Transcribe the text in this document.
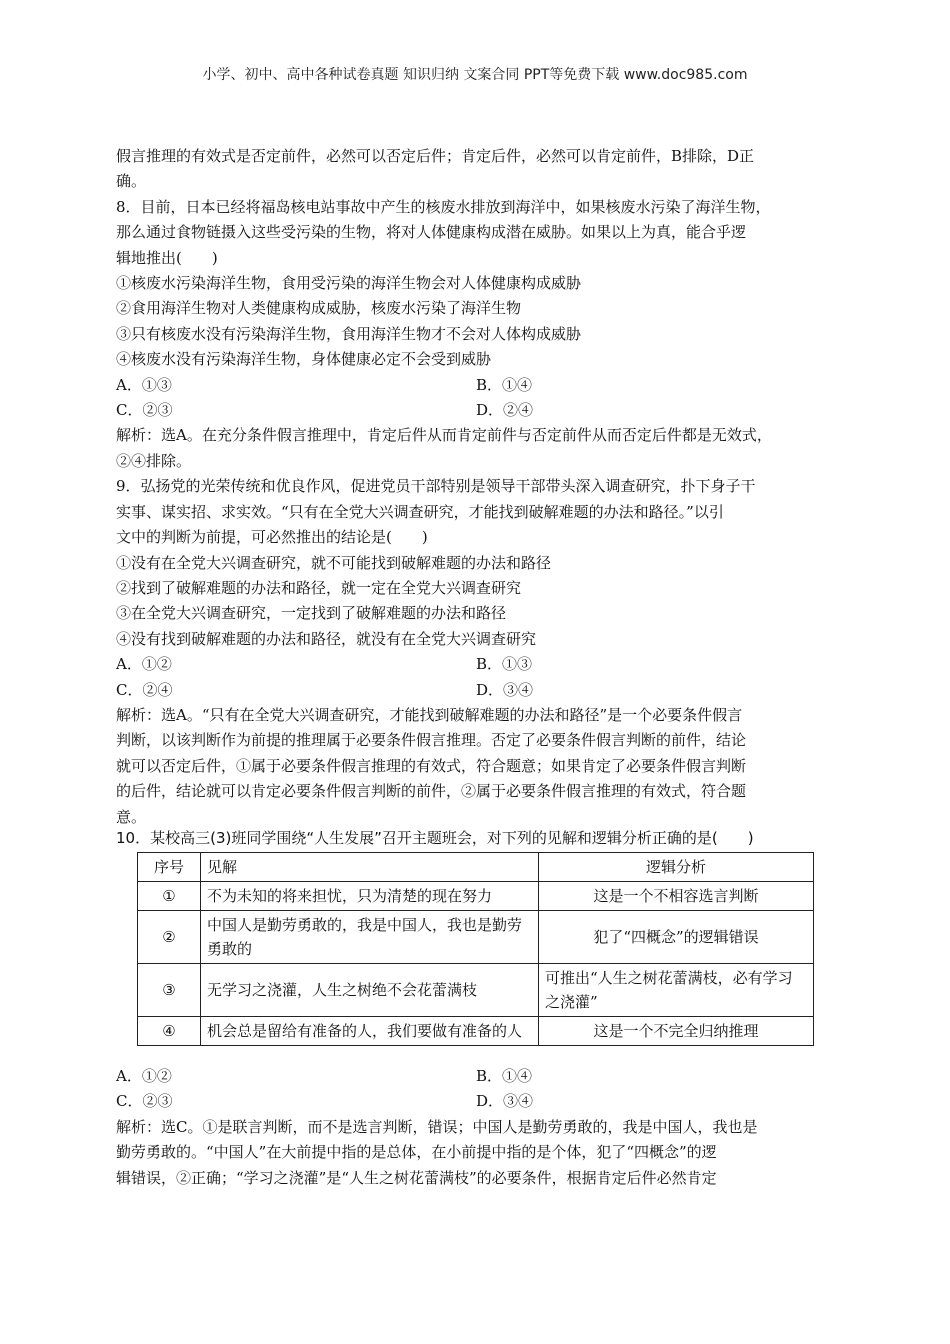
小学、初中、高中各种试卷真题 知识归纳 文案合同 PPT等免费下载 www.doc985.com

假言推理的有效式是否定前件，必然可以否定后件；肯定后件，必然可以肯定前件，B排除，D正

确。

8．目前，日本已经将福岛核电站事故中产生的核废水排放到海洋中，如果核废水污染了海洋生物，

那么通过食物链摄入这些受污染的生物，将对人体健康构成潜在威胁。如果以上为真，能合乎逻

辑地推出(　　)

①核废水污染海洋生物，食用受污染的海洋生物会对人体健康构成威胁

②食用海洋生物对人类健康构成威胁，核废水污染了海洋生物

③只有核废水没有污染海洋生物，食用海洋生物才不会对人体构成威胁

④核废水没有污染海洋生物，身体健康必定不会受到威胁

A．①③	B．①④
C．②③	D．②④

解析：选A。在充分条件假言推理中，肯定后件从而肯定前件与否定前件从而否定后件都是无效式，

②④排除。

9．弘扬党的光荣传统和优良作风，促进党员干部特别是领导干部带头深入调查研究，扑下身子干

实事、谋实招、求实效。“只有在全党大兴调查研究，才能找到破解难题的办法和路径。”以引

文中的判断为前提，可必然推出的结论是(　　)

①没有在全党大兴调查研究，就不可能找到破解难题的办法和路径

②找到了破解难题的办法和路径，就一定在全党大兴调查研究

③在全党大兴调查研究，一定找到了破解难题的办法和路径

④没有找到破解难题的办法和路径，就没有在全党大兴调查研究

A．①②	B．①③
C．②④	D．③④

解析：选A。“只有在全党大兴调查研究，才能找到破解难题的办法和路径”是一个必要条件假言

判断，以该判断作为前提的推理属于必要条件假言推理。否定了必要条件假言判断的前件，结论

就可以否定后件，①属于必要条件假言推理的有效式，符合题意；如果肯定了必要条件假言判断

的后件，结论就可以肯定必要条件假言判断的前件，②属于必要条件假言推理的有效式，符合题

意。

10．某校高三(3)班同学围绕“人生发展”召开主题班会，对下列的见解和逻辑分析正确的是(　　)
序号	见解	逻辑分析
①	不为未知的将来担忧，只为清楚的现在努力	这是一个不相容选言判断
②	中国人是勤劳勇敢的，我是中国人，我也是勤劳勇敢的	犯了“四概念”的逻辑错误
③	无学习之浇灌，人生之树绝不会花蕾满枝	可推出“人生之树花蕾满枝，必有学习之浇灌”
④	机会总是留给有准备的人，我们要做有准备的人	这是一个不完全归纳推理
A．①②	B．①④
C．②③	D．③④

解析：选C。①是联言判断，而不是选言判断，错误；中国人是勤劳勇敢的，我是中国人，我也是

勤劳勇敢的。“中国人”在大前提中指的是总体，在小前提中指的是个体，犯了“四概念”的逻

辑错误，②正确；“学习之浇灌”是“人生之树花蕾满枝”的必要条件，根据肯定后件必然肯定
